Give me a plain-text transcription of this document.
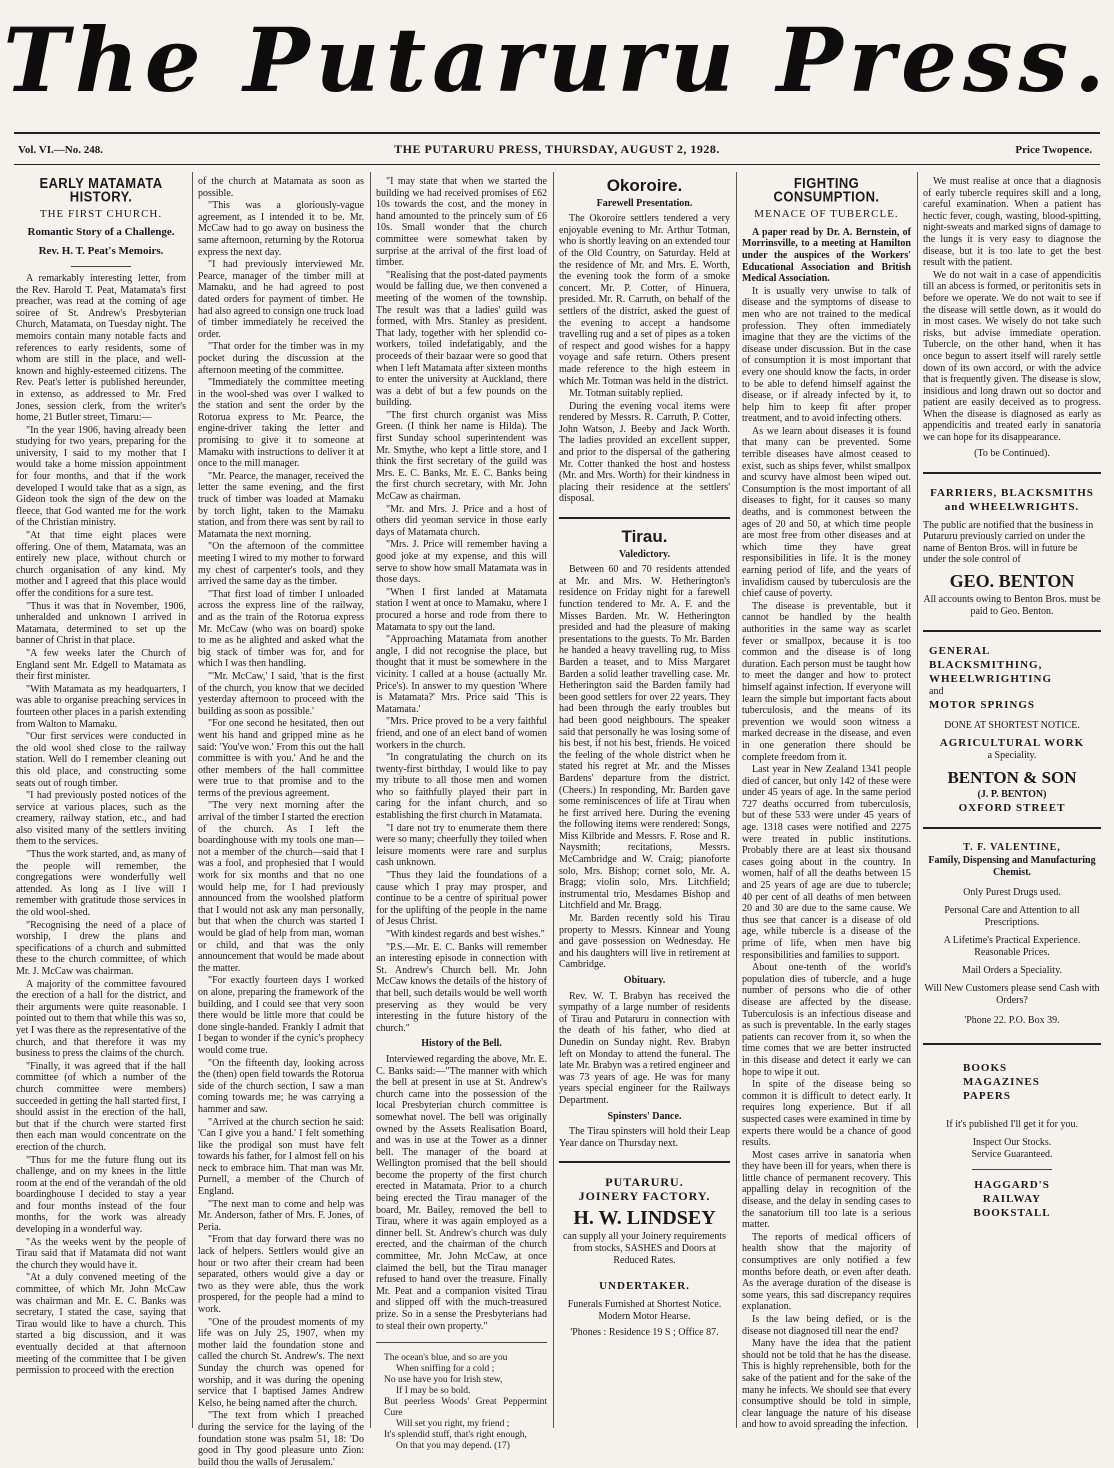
The Putaruru Press.
Vol. VI.—No. 248.	THE PUTARURU PRESS, THURSDAY, AUGUST 2, 1928.	Price Twopence.
EARLY MATAMATA HISTORY.
THE FIRST CHURCH.
Romantic Story of a Challenge.
Rev. H. T. Peat's Memoirs.

A remarkably interesting letter, from the Rev. Harold T. Peat, Matamata's first preacher, was read at the coming of age soiree of St. Andrew's Presbyterian Church, Matamata, on Tuesday night. The memoirs contain many notable facts and references to early residents, some of whom are still in the place, and well-known and highly-esteemed citizens. The Rev. Peat's letter is published hereunder, in extenso, as addressed to Mr. Fred Jones, session clerk, from the writer's home, 21 Butler street, Timaru:—

"In the year 1906, having already been studying for two years, preparing for the university, I said to my mother that I would take a home mission appointment for four months, and that if the work developed I would take that as a sign, as Gideon took the sign of the dew on the fleece, that God wanted me for the work of the Christian ministry.

"At that time eight places were offering. One of them, Matamata, was an entirely new place, without church or church organisation of any kind. My mother and I agreed that this place would offer the conditions for a sure test.

"Thus it was that in November, 1906, unheralded and unknown I arrived in Matamata, determined to set up the banner of Christ in that place.

"A few weeks later the Church of England sent Mr. Edgell to Matamata as their first minister.

"With Matamata as my headquarters, I was able to organise preaching services in fourteen other places in a parish extending from Walton to Mamaku.

"Our first services were conducted in the old wool shed close to the railway station. Well do I remember cleaning out this old place, and constructing some seats out of rough timber.

"I had previously posted notices of the service at various places, such as the creamery, railway station, etc., and had also visited many of the settlers inviting them to the services.

"Thus the work started, and, as many of the people will remember, the congregations were wonderfully well attended. As long as I live will I remember with gratitude those services in the old wool-shed.

"Recognising the need of a place of worship, I drew the plans and specifications of a church and submitted these to the church committee, of which Mr. J. McCaw was chairman.

A majority of the committee favoured the erection of a hall for the district, and their arguments were quite reasonable. I pointed out to them that while this was so, yet I was there as the representative of the church, and that therefore it was my business to press the claims of the church.

"Finally, it was agreed that if the hall committee (of which a number of the church committee were members) succeeded in getting the hall started first, I should assist in the erection of the hall, but that if the church were started first then each man would concentrate on the erection of the church.

"Thus for me the future flung out its challenge, and on my knees in the little room at the end of the verandah of the old boardinghouse I decided to stay a year and four months instead of the four months, for the work was already developing in a wonderful way.

"As the weeks went by the people of Tirau said that if Matamata did not want the church they would have it.

"At a duly convened meeting of the committee, of which Mr. John McCaw was chairman and Mr. E. C. Banks was secretary, I stated the case, saying that Tirau would like to have a church. This started a big discussion, and it was eventually decided at that afternoon meeting of the committee that I be given permission to proceed with the erection

of the church at Matamata as soon as possible.

"This was a gloriously-vague agreement, as I intended it to be. Mr. McCaw had to go away on business the same afternoon, returning by the Rotorua express the next day.

"I had previously interviewed Mr. Pearce, manager of the timber mill at Mamaku, and he had agreed to post dated orders for payment of timber. He had also agreed to consign one truck load of timber immediately he received the order.

"That order for the timber was in my pocket during the discussion at the afternoon meeting of the committee.

"Immediately the committee meeting in the wool-shed was over I walked to the station and sent the order by the Rotorua express to Mr. Pearce, the engine-driver taking the letter and promising to give it to someone at Mamaku with instructions to deliver it at once to the mill manager.

"Mr. Pearce, the manager, received the letter the same evening, and the first truck of timber was loaded at Mamaku by torch light, taken to the Mamaku station, and from there was sent by rail to Matamata the next morning.

"On the afternoon of the committee meeting I wired to my mother to forward my chest of carpenter's tools, and they arrived the same day as the timber.

"That first load of timber I unloaded across the express line of the railway, and as the train of the Rotorua express Mr. McCaw (who was on board) spoke to me as he alighted and asked what the big stack of timber was for, and for which I was then handling.

"'Mr. McCaw,' I said, 'that is the first of the church, you know that we decided yesterday afternoon to proceed with the building as soon as possible.'

"For one second he hesitated, then out went his hand and gripped mine as he said: 'You've won.' From this out the hall committee is with you.' And he and the other members of the hall committee were true to that promise and to the terms of the previous agreement.

"The very next morning after the arrival of the timber I started the erection of the church. As I left the boardinghouse with my tools one man—not a member of the church—said that I was a fool, and prophesied that I would work for six months and that no one would help me, for I had previously announced from the woolshed platform that I would not ask any man personally, but that when the church was started I would be glad of help from man, woman or child, and that was the only announcement that would be made about the matter.

"For exactly fourteen days I worked on alone, preparing the framework of the building, and I could see that very soon there would be little more that could be done single-handed. Frankly I admit that I began to wonder if the cynic's prophecy would come true.

"On the fifteenth day, looking across the (then) open field towards the Rotorua side of the church section, I saw a man coming towards me; he was carrying a hammer and saw.

"Arrived at the church section he said: 'Can I give you a hand.' I felt something like the prodigal son must have felt towards his father, for I almost fell on his neck to embrace him. That man was Mr. Purnell, a member of the Church of England.

"The next man to come and help was Mr. Anderson, father of Mrs. F. Jones, of Peria.

"From that day forward there was no lack of helpers. Settlers would give an hour or two after their cream had been separated, others would give a day or two as they were able, thus the work prospered, for the people had a mind to work.

"One of the proudest moments of my life was on July 25, 1907, when my mother laid the foundation stone and called the church St. Andrew's. The next Sunday the church was opened for worship, and it was during the opening service that I baptised James Andrew Kelso, he being named after the church.

"The text from which I preached during the service for the laying of the foundation stone was psalm 51, 18: 'Do good in Thy good pleasure unto Zion: build thou the walls of Jerusalem.'

"I may state that when we started the building we had received promises of £62 10s towards the cost, and the money in hand amounted to the princely sum of £6 10s. Small wonder that the church committee were somewhat taken by surprise at the arrival of the first load of timber.

"Realising that the post-dated payments would be falling due, we then convened a meeting of the women of the township. The result was that a ladies' guild was formed, with Mrs. Stanley as president. That lady, together with her splendid co-workers, toiled indefatigably, and the proceeds of their bazaar were so good that when I left Matamata after sixteen months to enter the university at Auckland, there was a debt of but a few pounds on the building.

"The first church organist was Miss Green. (I think her name is Hilda). The first Sunday school superintendent was Mr. Smythe, who kept a little store, and I think the first secretary of the guild was Mrs. E. C. Banks, Mr. E. C. Banks being the first church secretary, with Mr. John McCaw as chairman.

"Mr. and Mrs. J. Price and a host of others did yeoman service in those early days of Matamata church.

"Mrs. J. Price will remember having a good joke at my expense, and this will serve to show how small Matamata was in those days.

"When I first landed at Matamata station I went at once to Mamaku, where I procured a horse and rode from there to Matamata to spy out the land.

"Approaching Matamata from another angle, I did not recognise the place, but thought that it must be somewhere in the vicinity. I called at a house (actually Mr. Price's). In answer to my question 'Where is Matamata?' Mrs. Price said 'This is Matamata.'

"Mrs. Price proved to be a very faithful friend, and one of an elect band of women workers in the church.

"In congratulating the church on its twenty-first birthday, I would like to pay my tribute to all those men and women who so faithfully played their part in caring for the infant church, and so establishing the first church in Matamata.

"I dare not try to enumerate them there were so many; cheerfully they toiled when leisure moments were rare and surplus cash unknown.

"Thus they laid the foundations of a cause which I pray may prosper, and continue to be a centre of spiritual power for the uplifting of the people in the name of Jesus Christ.

"With kindest regards and best wishes."

"P.S.—Mr. E. C. Banks will remember an interesting episode in connection with St. Andrew's Church bell. Mr. John McCaw knows the details of the history of that bell, such details would be well worth preserving as they would be very interesting in the future history of the church."

History of the Bell.

Interviewed regarding the above, Mr. E. C. Banks said:—"The manner with which the bell at present in use at St. Andrew's church came into the possession of the local Presbyterian church committee is somewhat novel. The bell was originally owned by the Assets Realisation Board, and was in use at the Tower as a dinner bell. The manager of the board at Wellington promised that the bell should become the property of the first church erected in Matamata. Prior to a church being erected the Tirau manager of the board, Mr. Bailey, removed the bell to Tirau, where it was again employed as a dinner bell. St. Andrew's church was duly erected, and the chairman of the church committee, Mr. John McCaw, at once claimed the bell, but the Tirau manager refused to hand over the treasure. Finally Mr. Peat and a companion visited Tirau and slipped off with the much-treasured prize. So in a sense the Presbyterians had to steal their own property."

The ocean's blue, and so are you
When sniffing for a cold ;
No use have you for Irish stew,
If I may be so bold.
But peerless Woods' Great Peppermint Cure
Will set you right, my friend ;
It's splendid stuff, that's right enough,
On that you may depend. (17)
Okoroire.
Farewell Presentation.

The Okoroire settlers tendered a very enjoyable evening to Mr. Arthur Totman, who is shortly leaving on an extended tour of the Old Country, on Saturday. Held at the residence of Mr. and Mrs. E. Worth, the evening took the form of a smoke concert. Mr. P. Cotter, of Hinuera, presided. Mr. R. Carruth, on behalf of the settlers of the district, asked the guest of the evening to accept a handsome travelling rug and a set of pipes as a token of respect and good wishes for a happy voyage and safe return. Others present made reference to the high esteem in which Mr. Totman was held in the district.

Mr. Totman suitably replied.

During the evening vocal items were rendered by Messrs. R. Carruth, P. Cotter, John Watson, J. Beeby and Jack Worth. The ladies provided an excellent supper, and prior to the dispersal of the gathering Mr. Cotter thanked the host and hostess (Mr. and Mrs. Worth) for their kindness in placing their residence at the settlers' disposal.

Tirau.
Valedictory.

Between 60 and 70 residents attended at Mr. and Mrs. W. Hetherington's residence on Friday night for a farewell function tendered to Mr. A. F. and the Misses Barden. Mr. W. Hetherington presided and had the pleasure of making presentations to the guests. To Mr. Barden he handed a heavy travelling rug, to Miss Barden a teaset, and to Miss Margaret Barden a solid leather travelling case. Mr. Hetherington said the Barden family had been good settlers for over 22 years. They had been through the early troubles but had been good neighbours. The speaker said that personally he was losing some of his best, if not his best, friends. He voiced the feeling of the whole district when he stated his regret at Mr. and the Misses Bardens' departure from the district. (Cheers.) In responding, Mr. Barden gave some reminiscences of life at Tirau when he first arrived here. During the evening the following items were rendered: Songs, Miss Kilbride and Messrs. F. Rose and R. Naysmith; recitations, Messrs. McCambridge and W. Craig; pianoforte solo, Mrs. Bishop; cornet solo, Mr. A. Bragg; violin solo, Mrs. Litchfield; instrumental trio, Mesdames Bishop and Litchfield and Mr. Bragg.

Mr. Barden recently sold his Tirau property to Messrs. Kinnear and Young and gave possession on Wednesday. He and his daughters will live in retirement at Cambridge.

Obituary.

Rev. W. T. Brabyn has received the sympathy of a large number of residents of Tirau and Putaruru in connection with the death of his father, who died at Dunedin on Sunday night. Rev. Brabyn left on Monday to attend the funeral. The late Mr. Brabyn was a retired engineer and was 73 years of age. He was for many years special engineer for the Railways Department.

Spinsters' Dance.

The Tirau spinsters will hold their Leap Year dance on Thursday next.

PUTARURU.
JOINERY FACTORY.
H. W. LINDSEY
can supply all your Joinery requirements from stocks, SASHES and Doors at Reduced Rates.
UNDERTAKER.
Funerals Furnished at Shortest Notice.
Modern Motor Hearse.
'Phones : Residence 19 S ; Office 87.
FIGHTING CONSUMPTION.
MENACE OF TUBERCLE.

A paper read by Dr. A. Bernstein, of Morrinsville, to a meeting at Hamilton under the auspices of the Workers' Educational Association and British Medical Association.

It is usually very unwise to talk of disease and the symptoms of disease to men who are not trained to the medical profession. They often immediately imagine that they are the victims of the disease under discussion. But in the case of consumption it is most important that every one should know the facts, in order to be able to defend himself against the disease, or if already infected by it, to help him to keep fit after proper treatment, and to avoid infecting others.

As we learn about diseases it is found that many can be prevented. Some terrible diseases have almost ceased to exist, such as ships fever, whilst smallpox and scurvy have almost been wiped out. Consumption is the most important of all diseases to fight, for it causes so many deaths, and is commonest between the ages of 20 and 50, at which time people are most free from other diseases and at which time they have great responsibilities in life. It is the money earning period of life, and the years of invalidism caused by tuberculosis are the chief cause of poverty.

The disease is preventable, but it cannot be handled by the health authorities in the same way as scarlet fever or smallpox, because it is too common and the disease is of long duration. Each person must be taught how to meet the danger and how to protect himself against infection. If everyone will learn the simple but important facts about tuberculosis, and the means of its prevention we would soon witness a marked decrease in the disease, and even in one generation there should be complete freedom from it.

Last year in New Zealand 1341 people died of cancer, but only 142 of these were under 45 years of age. In the same period 727 deaths occurred from tuberculosis, but of these 533 were under 45 years of age. 1318 cases were notified and 2275 were treated in public institutions. Probably there are at least six thousand cases going about in the country. In women, half of all the deaths between 15 and 25 years of age are due to tubercle; 40 per cent of all deaths of men between 20 and 30 are due to the same cause. We thus see that cancer is a disease of old age, while tubercle is a disease of the prime of life, when men have big responsibilities and families to support.

About one-tenth of the world's population dies of tubercle, and a huge number of persons who die of other disease are affected by the disease. Tuberculosis is an infectious disease and as such is preventable. In the early stages patients can recover from it, so when the time comes that we are better instructed in this disease and detect it early we can hope to wipe it out.

In spite of the disease being so common it is difficult to detect early. It requires long experience. But if all suspected cases were examined in time by experts there would be a chance of good results.

Most cases arrive in sanatoria when they have been ill for years, when there is little chance of permanent recovery. This appalling delay in recognition of the disease, and the delay in sending cases to the sanatorium till too late is a serious matter.

The reports of medical officers of health show that the majority of consumptives are only notified a few months before death, or even after death. As the average duration of the disease is some years, this sad discrepancy requires explanation.

Is the law being defied, or is the disease not diagnosed till near the end?

Many have the idea that the patient should not be told that he has the disease. This is highly reprehensible, both for the sake of the patient and for the sake of the many he infects. We should see that every consumptive should be told in simple, clear language the nature of his disease and how to avoid spreading the infection.

We must realise at once that a diagnosis of early tubercle requires skill and a long, careful examination. When a patient has hectic fever, cough, wasting, blood-spitting, night-sweats and marked signs of damage to the lungs it is very easy to diagnose the disease, but it is too late to get the best result with the patient.

We do not wait in a case of appendicitis till an abcess is formed, or peritonitis sets in before we operate. We do not wait to see if the disease will settle down, as it would do in most cases. We wisely do not take such risks, but advise immediate operation. Tubercle, on the other hand, when it has once begun to assert itself will rarely settle down of its own accord, or with the advice that is frequently given. The disease is slow, insidious and long drawn out so doctor and patient are easily deceived as to progress. When the disease is diagnosed as early as appendicitis and treated early in sanatoria we can hope for its disappearance.

(To be Continued).
FARRIERS, BLACKSMITHS and WHEELWRIGHTS.

The public are notified that the business in Putaruru previously carried on under the name of Benton Bros. will in future be under the sole control of

GEO. BENTON
All accounts owing to Benton Bros. must be paid to Geo. Benton.
GENERAL
BLACKSMITHING,
WHEELWRIGHTING
and
MOTOR SPRINGS
DONE AT SHORTEST NOTICE.
AGRICULTURAL WORK
a Speciality.
BENTON & SON
(J. P. BENTON)
OXFORD STREET
T. F. VALENTINE,
Family, Dispensing and Manufacturing Chemist.
Only Purest Drugs used.
Personal Care and Attention to all Prescriptions.
A Lifetime's Practical Experience. Reasonable Prices.
Mail Orders a Speciality.
Will New Customers please send Cash with Orders?
'Phone 22. P.O. Box 39.
BOOKS
MAGAZINES
PAPERS
If it's published I'll get it for you.
Inspect Our Stocks.
Service Guaranteed.
HAGGARD'S
RAILWAY
BOOKSTALL
